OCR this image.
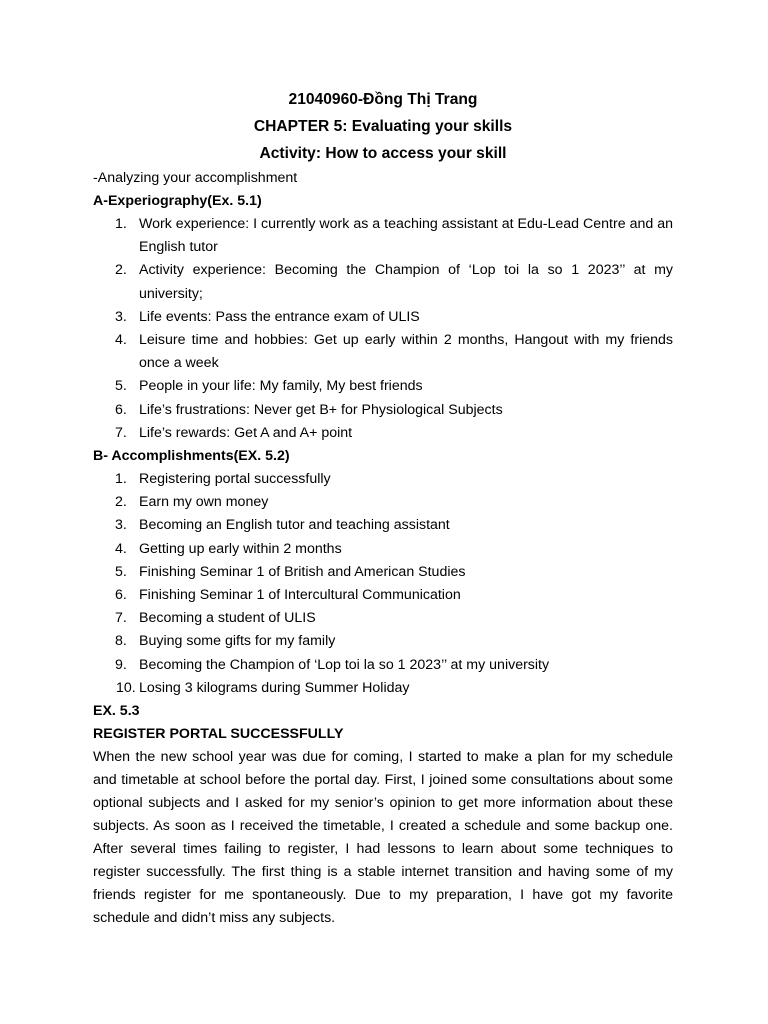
21040960-Đồng Thị Trang

CHAPTER 5: Evaluating your skills

Activity: How to access your skill

-Analyzing your accomplishment

A-Experiography(Ex. 5.1)

1. Work experience: I currently work as a teaching assistant at Edu-Lead Centre and an English tutor
2. Activity experience: Becoming the Champion of ‘Lop toi la so 1 2023’’ at my university;
3. Life events: Pass the entrance exam of ULIS
4. Leisure time and hobbies: Get up early within 2 months, Hangout with my friends once a week
5. People in your life: My family, My best friends
6. Life’s frustrations: Never get B+ for Physiological Subjects
7. Life’s rewards: Get A and A+ point

B- Accomplishments(EX. 5.2)

1. Registering portal successfully
2. Earn my own money
3. Becoming an English tutor and teaching assistant
4. Getting up early within 2 months
5. Finishing Seminar 1 of British and American Studies
6. Finishing Seminar 1 of Intercultural Communication
7. Becoming a student of ULIS
8. Buying some gifts for my family
9. Becoming the Champion of ‘Lop toi la so 1 2023’’ at my university
10. Losing 3 kilograms during Summer Holiday

EX. 5.3

REGISTER PORTAL SUCCESSFULLY

When the new school year was due for coming, I started to make a plan for my schedule and timetable at school before the portal day. First, I joined some consultations about some optional subjects and I asked for my senior’s opinion to get more information about these subjects. As soon as I received the timetable, I created a schedule and some backup one. After several times failing to register, I had lessons to learn about some techniques to register successfully. The first thing is a stable internet transition and having some of my friends register for me spontaneously. Due to my preparation, I have got my favorite schedule and didn’t miss any subjects.
